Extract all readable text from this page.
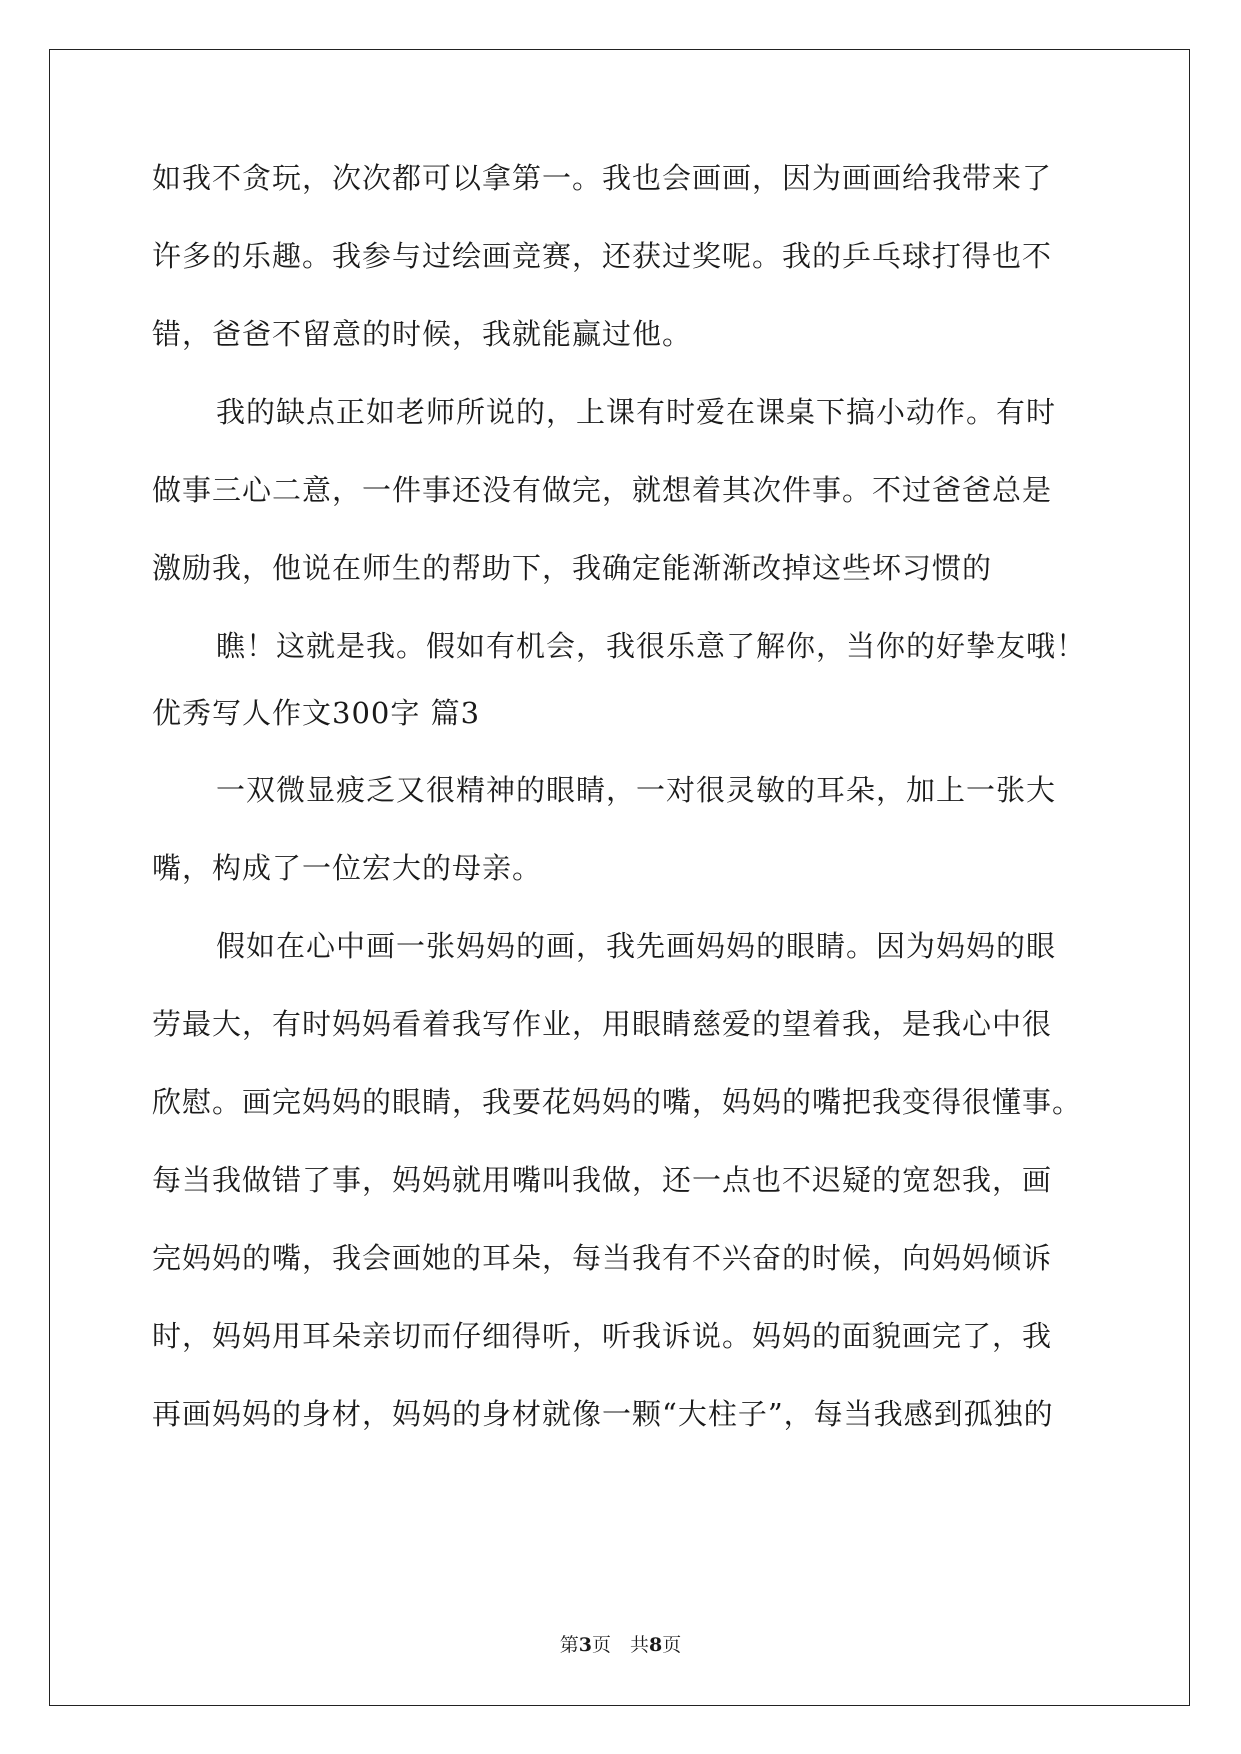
如我不贪玩，次次都可以拿第一。我也会画画，因为画画给我带来了
许多的乐趣。我参与过绘画竞赛，还获过奖呢。我的乒乓球打得也不
错，爸爸不留意的时候，我就能赢过他。
我的缺点正如老师所说的，上课有时爱在课桌下搞小动作。有时
做事三心二意，一件事还没有做完，就想着其次件事。不过爸爸总是
激励我，他说在师生的帮助下，我确定能渐渐改掉这些坏习惯的
瞧！这就是我。假如有机会，我很乐意了解你，当你的好挚友哦！
优秀写人作文300字 篇3
一双微显疲乏又很精神的眼睛，一对很灵敏的耳朵，加上一张大
嘴，构成了一位宏大的母亲。
假如在心中画一张妈妈的画，我先画妈妈的眼睛。因为妈妈的眼
劳最大，有时妈妈看着我写作业，用眼睛慈爱的望着我，是我心中很
欣慰。画完妈妈的眼睛，我要花妈妈的嘴，妈妈的嘴把我变得很懂事。
每当我做错了事，妈妈就用嘴叫我做，还一点也不迟疑的宽恕我，画
完妈妈的嘴，我会画她的耳朵，每当我有不兴奋的时候，向妈妈倾诉
时，妈妈用耳朵亲切而仔细得听，听我诉说。妈妈的面貌画完了，我
再画妈妈的身材，妈妈的身材就像一颗“大柱子”，每当我感到孤独的
第3页　共8页
